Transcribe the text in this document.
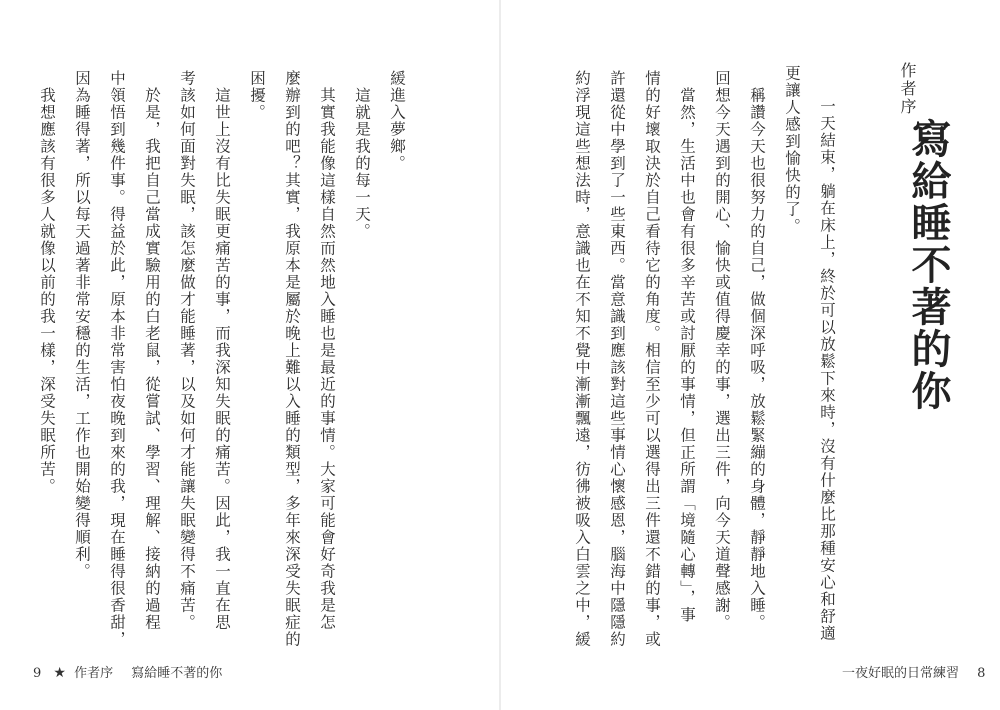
作者序
寫給睡不著的你
一天結束，躺在床上，終於可以放鬆下來時，沒有什麼比那種安心和舒適
更讓人感到愉快的了。
　稱讚今天也很努力的自己，做個深呼吸，放鬆緊繃的身體，靜靜地入睡。
回想今天遇到的開心、愉快或值得慶幸的事，選出三件，向今天道聲感謝。
　當然，生活中也會有很多辛苦或討厭的事情，但正所謂「境隨心轉」，事
情的好壞取決於自己看待它的角度。相信至少可以選得出三件還不錯的事，或
許還從中學到了一些東西。當意識到應該對這些事情心懷感恩，腦海中隱隱約
約浮現這些想法時，意識也在不知不覺中漸漸飄遠，彷彿被吸入白雲之中，緩
緩進入夢鄉。
　這就是我的每一天。
　其實我能像這樣自然而然地入睡也是最近的事情。大家可能會好奇我是怎
麼辦到的吧？其實，我原本是屬於晚上難以入睡的類型，多年來深受失眠症的
困擾。
　這世上沒有比失眠更痛苦的事，而我深知失眠的痛苦。因此，我一直在思
考該如何面對失眠，該怎麼做才能睡著，以及如何才能讓失眠變得不痛苦。
　於是，我把自己當成實驗用的白老鼠，從嘗試、學習、理解、接納的過程
中領悟到幾件事。得益於此，原本非常害怕夜晚到來的我，現在睡得很香甜，
因為睡得著，所以每天過著非常安穩的生活，工作也開始變得順利。
　我想應該有很多人就像以前的我一樣，深受失眠所苦。
9 ★ 作者序 寫給睡不著的你	一夜好眠的日常練習 8
